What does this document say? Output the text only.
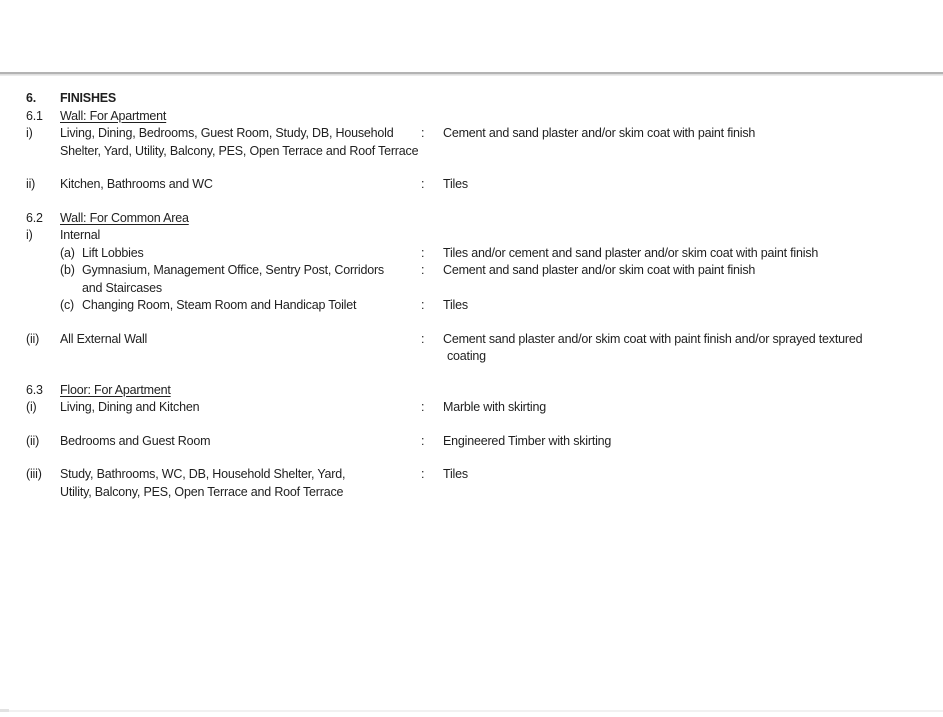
6.	FINISHES
6.1	Wall: For Apartment
i)	Living, Dining, Bedrooms, Guest Room, Study, DB, Household
Shelter, Yard, Utility, Balcony, PES, Open Terrace and Roof Terrace
:	Cement and sand plaster and/or skim coat with paint finish
ii)	Kitchen, Bathrooms and WC	:	Tiles
6.2	Wall: For Common Area
i)	Internal
(a) Lift Lobbies	:	Tiles and/or cement and sand plaster and/or skim coat with paint finish
(b) Gymnasium, Management Office, Sentry Post, Corridors
and Staircases
:	Cement and sand plaster and/or skim coat with paint finish
(c) Changing Room, Steam Room and Handicap Toilet	:	Tiles
(ii)	All External Wall	:	Cement sand plaster and/or skim coat with paint finish and/or sprayed textured
coating
6.3	Floor: For Apartment
(i)	Living, Dining and Kitchen	:	Marble with skirting
(ii)	Bedrooms and Guest Room	:	Engineered Timber with skirting
(iii)	Study, Bathrooms, WC, DB, Household Shelter, Yard,
Utility, Balcony, PES, Open Terrace and Roof Terrace
:	Tiles
